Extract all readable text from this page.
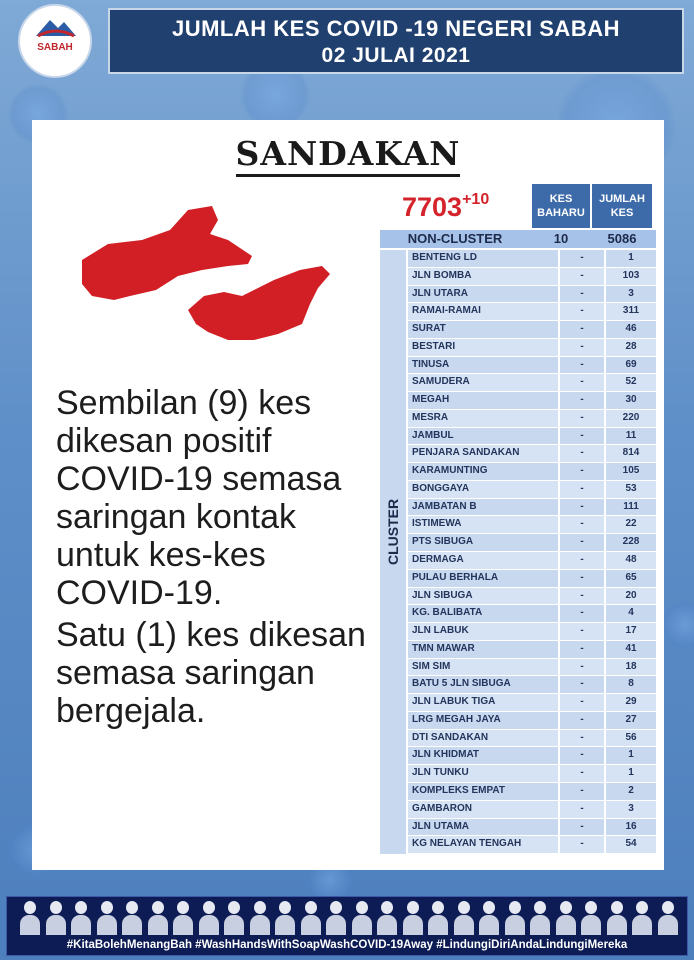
SABAH
JUMLAH KES COVID -19 NEGERI SABAH
02 JULAI 2021
SANDAKAN
$7703^{+10}$

Sembilan (9) kes dikesan positif COVID-19 semasa saringan kontak untuk kes-kes COVID-19.

Satu (1) kes dikesan semasa saringan bergejala.

KES BAHARU
JUMLAH KES
NON-CLUSTER	10	5086
CLUSTER
BENTENG LD	-	1
JLN BOMBA	-	103
JLN UTARA	-	3
RAMAI-RAMAI	-	311
SURAT	-	46
BESTARI	-	28
TINUSA	-	69
SAMUDERA	-	52
MEGAH	-	30
MESRA	-	220
JAMBUL	-	11
PENJARA SANDAKAN	-	814
KARAMUNTING	-	105
BONGGAYA	-	53
JAMBATAN B	-	111
ISTIMEWA	-	22
PTS SIBUGA	-	228
DERMAGA	-	48
PULAU BERHALA	-	65
JLN SIBUGA	-	20
KG. BALIBATA	-	4
JLN LABUK	-	17
TMN MAWAR	-	41
SIM SIM	-	18
BATU 5 JLN SIBUGA	-	8
JLN LABUK TIGA	-	29
LRG MEGAH JAYA	-	27
DTI SANDAKAN	-	56
JLN KHIDMAT	-	1
JLN TUNKU	-	1
KOMPLEKS EMPAT	-	2
GAMBARON	-	3
JLN UTAMA	-	16
KG NELAYAN TENGAH	-	54
#KitaBolehMenangBah #WashHandsWithSoapWashCOVID-19Away #LindungiDiriAndaLindungiMereka
